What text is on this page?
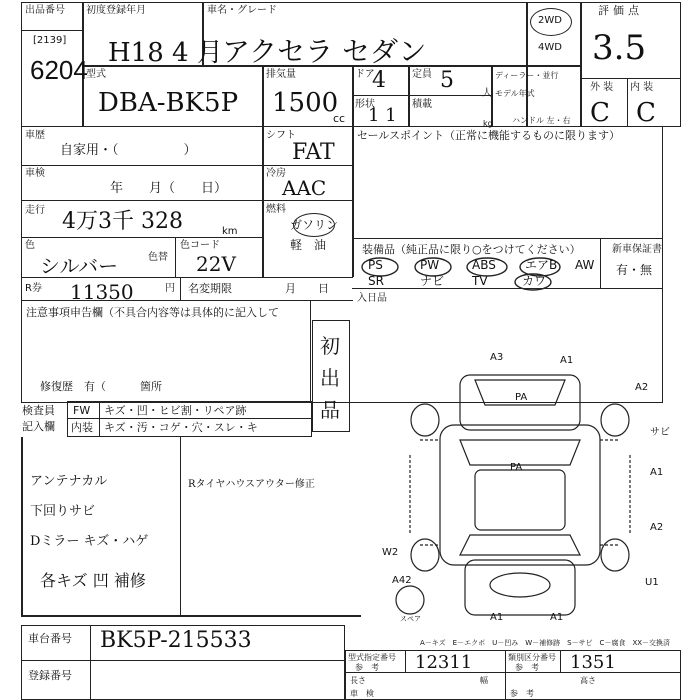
出品番号
[2139]
6204
初度登録年月
H18 4 月
車名・グレード
アクセラ セダン
2WD
4WD
評価点
3.5
型式
DBA-BK5P
排気量
1500
cc
ドア
4	定員 5
人
ディーラー・並行
モデル年式
ハンドル 左・右
形状
1 1
積載
kg
外 装 内 装
C C
車歴
自家用・（　　　　　）
車検
年　　月（　　日）
走行 4万3千 328	km
色
シルバー	色替
色コード
22V
シフト
FAT
冷房
AAC
燃料
ガソリン
軽　油
R券 11350	円 名変期限	月　　日
セールスポイント（正常に機能するものに限ります）
装備品（純正品に限り○をつけてください）	新車保証書
有・無
PS	PW	ABS エアB AW
SR	ナビ TV	カワ
入日品
注意事項申告欄（不具合内容等は具体的に記入して
初
出
品
修復歴　有（	箇所
検査員
記入欄
FW キズ・凹・ヒビ割・リペア跡
内装 キズ・汚・コゲ・穴・スレ・キ
アンテナカル
下回りサビ
Dミラー キズ・ハゲ
各キズ 凹 補修
Rタイヤハウスアウター修正
A3	A1
PA
A2
サビ
PA	A1
A2
W2
A42	U1
A1	A1
スペア
A－キズ　E－エクボ　U－凹み　W－補修跡　S－サビ　C－腐食　XX－交換済
車台番号 BK5P-215533
登録番号
型式指定番号
参　考 12311	類別区分番号
参　考 1351
長さ	幅	高さ
車　検	参　考
